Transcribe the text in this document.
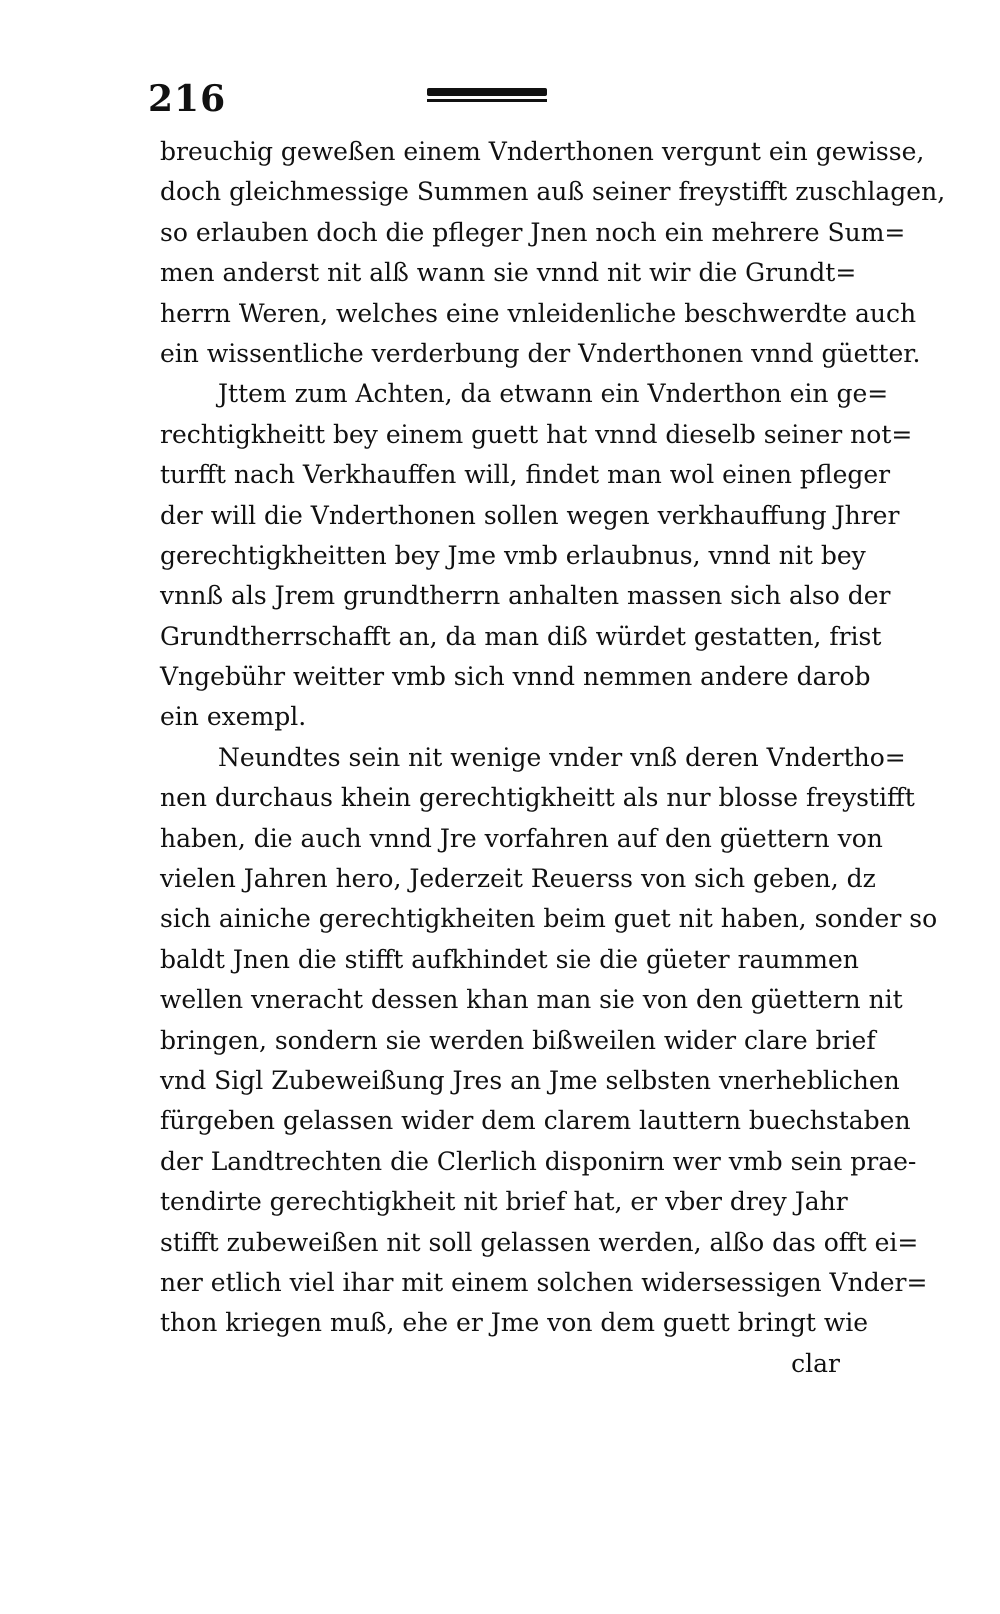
216
breuchig geweßen einem Vnderthonen vergunt ein gewisse,
doch gleichmessige Summen auß seiner freystifft zuschlagen,
so erlauben doch die pfleger Jnen noch ein mehrere Sum=
men anderst nit alß wann sie vnnd nit wir die Grundt=
herrn Weren, welches eine vnleidenliche beschwerdte auch
ein wissentliche verderbung der Vnderthonen vnnd güetter.
Jttem zum Achten, da etwann ein Vnderthon ein ge=
rechtigkheitt bey einem guett hat vnnd dieselb seiner not=
turfft nach Verkhauffen will, findet man wol einen pfleger
der will die Vnderthonen sollen wegen verkhauffung Jhrer
gerechtigkheitten bey Jme vmb erlaubnus, vnnd nit bey
vnnß als Jrem grundtherrn anhalten massen sich also der
Grundtherrschafft an, da man diß würdet gestatten, frist
Vngebühr weitter vmb sich vnnd nemmen andere darob
ein exempl.
Neundtes sein nit wenige vnder vnß deren Vndertho=
nen durchaus khein gerechtigkheitt als nur blosse freystifft
haben, die auch vnnd Jre vorfahren auf den güettern von
vielen Jahren hero, Jederzeit Reuerss von sich geben, dz
sich ainiche gerechtigkheiten beim guet nit haben, sonder so
baldt Jnen die stifft aufkhindet sie die güeter raummen
wellen vneracht dessen khan man sie von den güettern nit
bringen, sondern sie werden bißweilen wider clare brief
vnd Sigl Zubeweißung Jres an Jme selbsten vnerheblichen
fürgeben gelassen wider dem clarem lauttern buechstaben
der Landtrechten die Clerlich disponirn wer vmb sein prae-
tendirte gerechtigkheit nit brief hat, er vber drey Jahr
stifft zubeweißen nit soll gelassen werden, alßo das offt ei=
ner etlich viel ihar mit einem solchen widersessigen Vnder=
thon kriegen muß, ehe er Jme von dem guett bringt wie
clar
